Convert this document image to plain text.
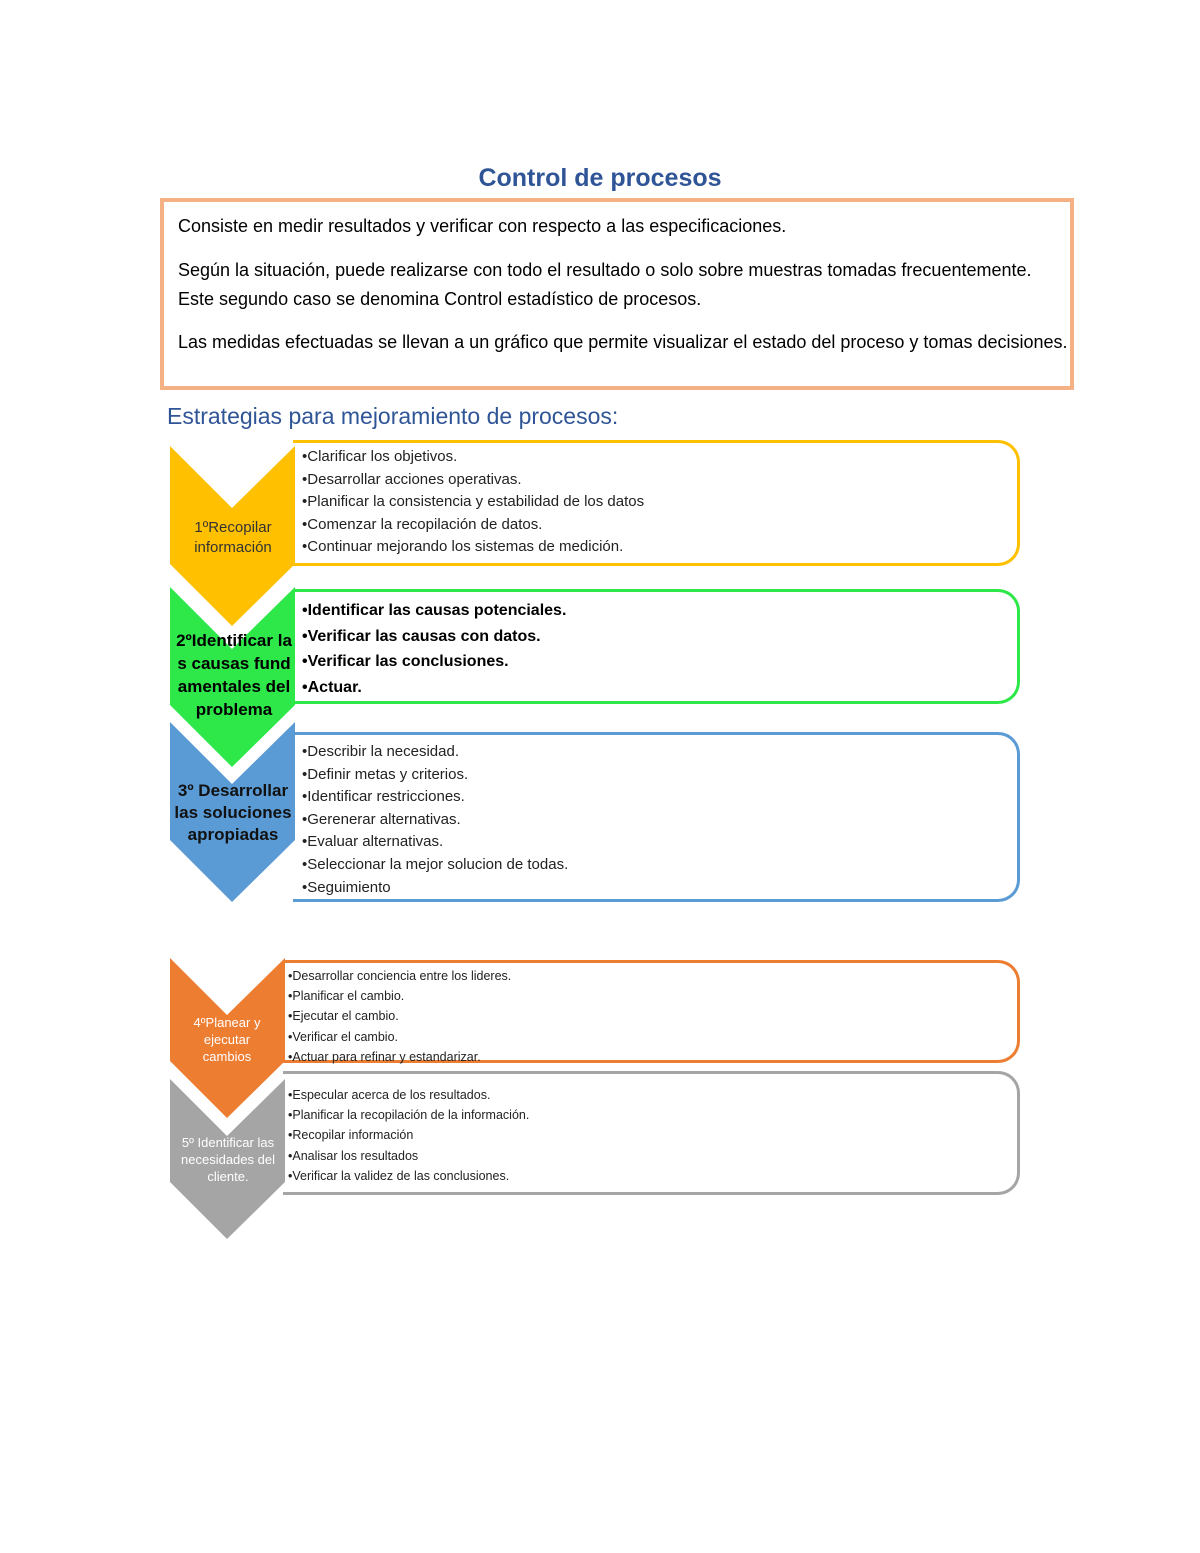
Control de procesos

Consiste en medir resultados y verificar con respecto a las especificaciones.

Según la situación, puede realizarse con todo el resultado o solo sobre muestras tomadas frecuentemente. Este segundo caso se denomina Control estadístico de procesos.

Las medidas efectuadas se llevan a un gráfico que permite visualizar el estado del proceso y tomas decisiones.

Estrategias para mejoramiento de procesos:
• Clarificar los objetivos.
• Desarrollar acciones operativas.
• Planificar la consistencia y estabilidad de los datos
• Comenzar la recopilación de datos.
• Continuar mejorando los sistemas de medición.
• Identificar las causas potenciales.
• Verificar las causas con datos.
• Verificar las conclusiones.
• Actuar.
• Describir la necesidad.
• Definir metas y criterios.
• Identificar restricciones.
• Gerenerar alternativas.
• Evaluar alternativas.
• Seleccionar la mejor solucion de todas.
• Seguimiento
• Desarrollar conciencia entre los lideres.
• Planificar el cambio.
• Ejecutar el cambio.
• Verificar el cambio.
• Actuar para refinar y estandarizar.
• Especular acerca de los resultados.
• Planificar la recopilación de la información.
• Recopilar información
• Analisar los resultados
• Verificar la validez de las conclusiones.
1ºRecopilar información
2ºIdentificar las causas fundamentales del problema
3º Desarrollar las soluciones apropiadas
4ºPlanear y ejecutar cambios
5º Identificar las necesidades del cliente.
